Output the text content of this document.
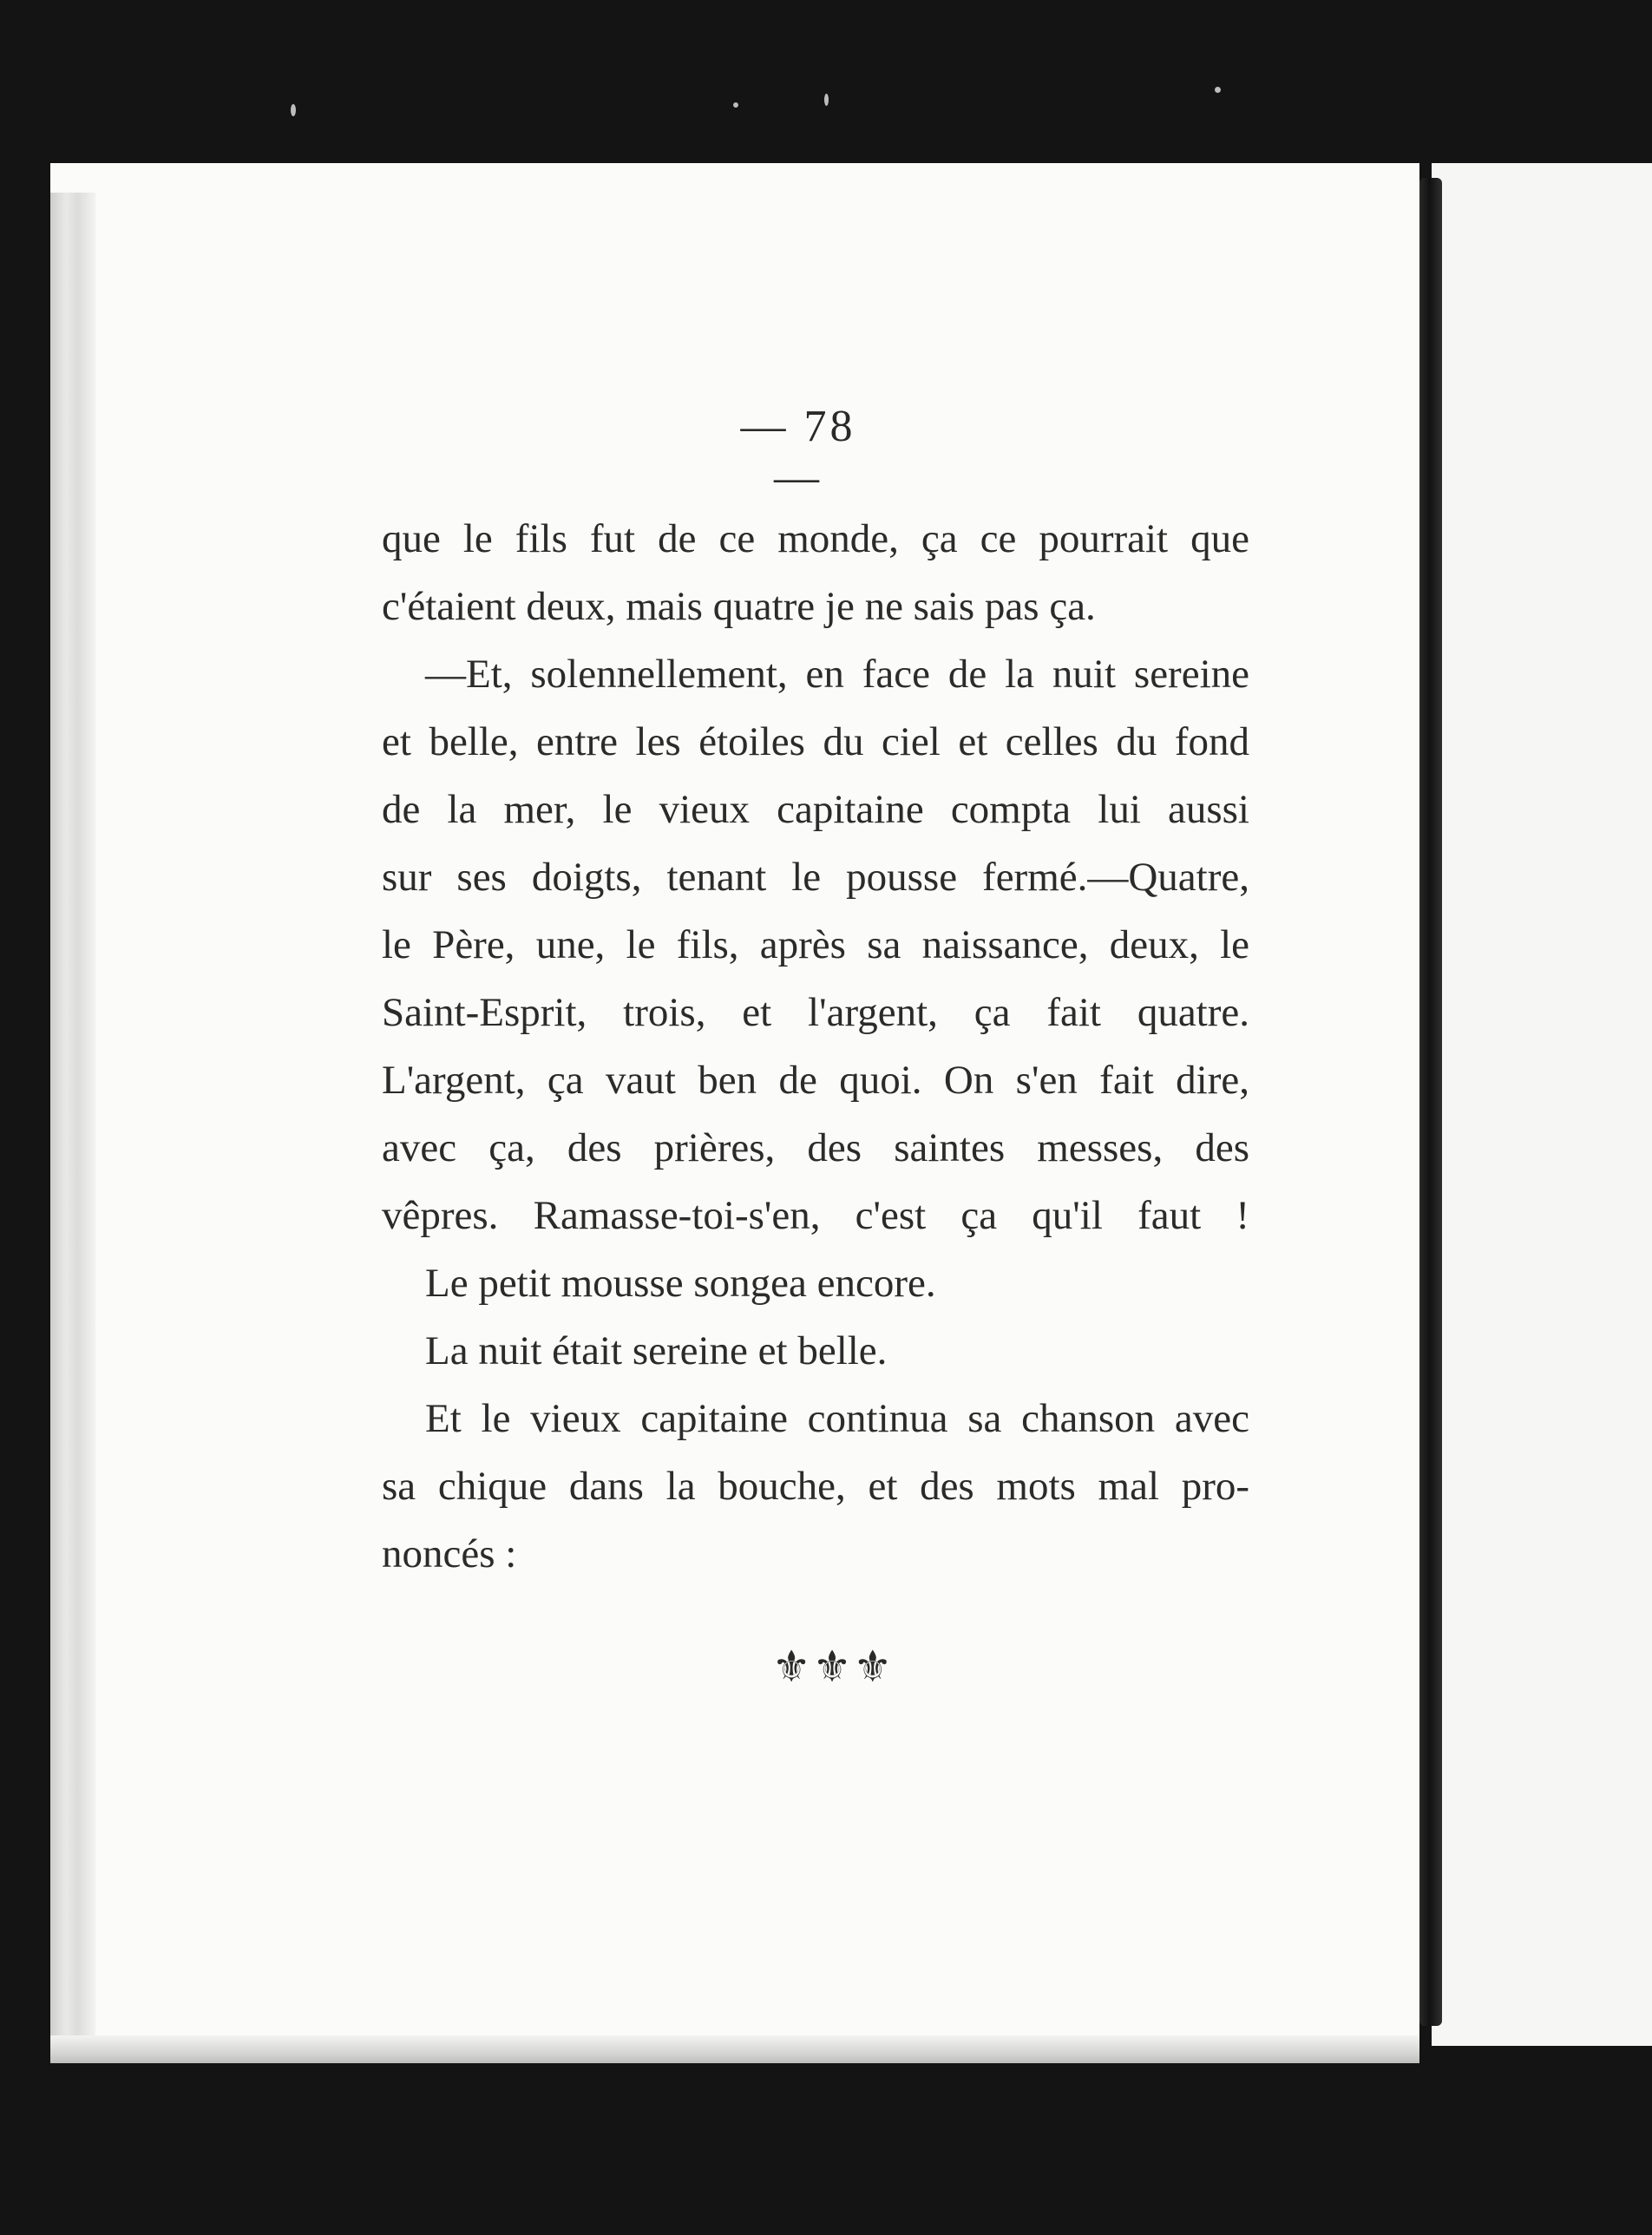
— 78 —
que le fils fut de ce monde, ça ce pourrait que
c'étaient deux, mais quatre je ne sais pas ça.
—Et, solennellement, en face de la nuit sereine
et belle, entre les étoiles du ciel et celles du fond
de la mer, le vieux capitaine compta lui aussi
sur ses doigts, tenant le pousse fermé.—Quatre,
le Père, une, le fils, après sa naissance, deux, le
Saint-Esprit, trois, et l'argent, ça fait quatre.
L'argent, ça vaut ben de quoi. On s'en fait dire,
avec ça, des prières, des saintes messes, des
vêpres. Ramasse-toi-s'en, c'est ça qu'il faut !
Le petit mousse songea encore.
La nuit était sereine et belle.
Et le vieux capitaine continua sa chanson avec
sa chique dans la bouche, et des mots mal pro-
noncés :
⚜⚜⚜
